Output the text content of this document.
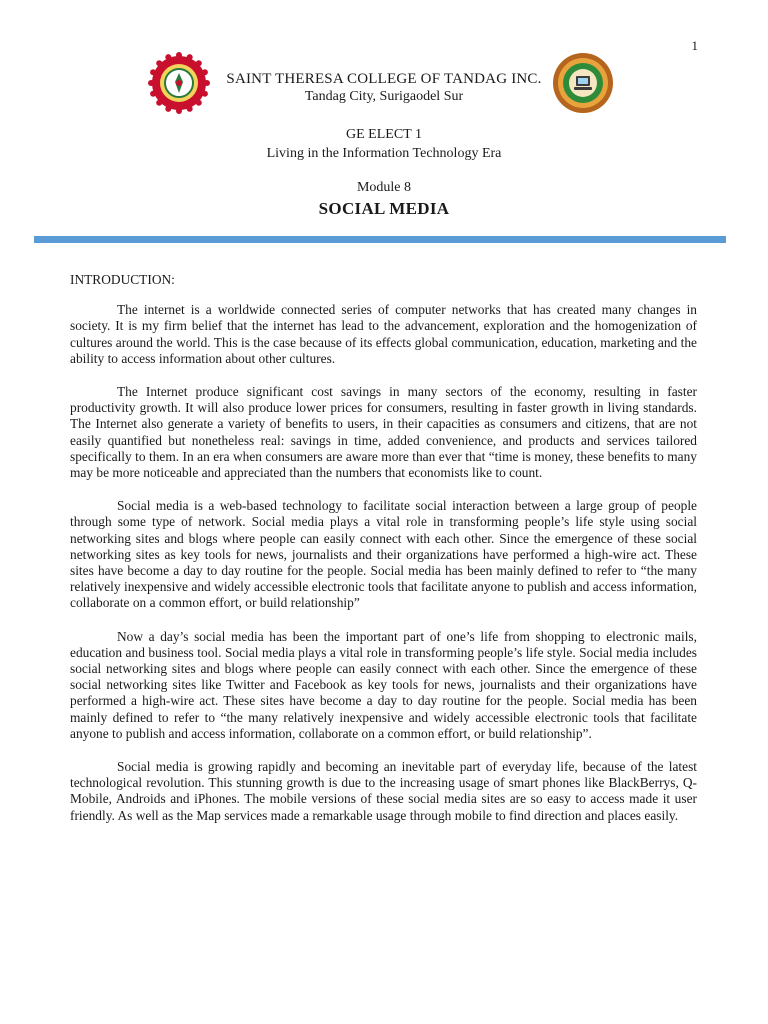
1
SAINT THERESA COLLEGE OF TANDAG INC.
Tandag City, Surigaodel Sur
GE ELECT 1
Living in the Information Technology Era
Module 8
SOCIAL MEDIA
INTRODUCTION:

The internet is a worldwide connected series of computer networks that has created many changes in society. It is my firm belief that the internet has lead to the advancement, exploration and the homogenization of cultures around the world. This is the case because of its effects global communication, education, marketing and the ability to access information about other cultures.

The Internet produce significant cost savings in many sectors of the economy, resulting in faster productivity growth. It will also produce lower prices for consumers, resulting in faster growth in living standards. The Internet also generate a variety of benefits to users, in their capacities as consumers and citizens, that are not easily quantified but nonetheless real: savings in time, added convenience, and products and services tailored specifically to them. In an era when consumers are aware more than ever that “time is money, these benefits to many may be more noticeable and appreciated than the numbers that economists like to count.

Social media is a web-based technology to facilitate social interaction between a large group of people through some type of network. Social media plays a vital role in transforming people’s life style using social networking sites and blogs where people can easily connect with each other. Since the emergence of these social networking sites as key tools for news, journalists and their organizations have performed a high-wire act. These sites have become a day to day routine for the people. Social media has been mainly defined to refer to “the many relatively inexpensive and widely accessible electronic tools that facilitate anyone to publish and access information, collaborate on a common effort, or build relationship”

Now a day’s social media has been the important part of one’s life from shopping to electronic mails, education and business tool. Social media plays a vital role in transforming people’s life style. Social media includes social networking sites and blogs where people can easily connect with each other. Since the emergence of these social networking sites like Twitter and Facebook as key tools for news, journalists and their organizations have performed a high-wire act. These sites have become a day to day routine for the people. Social media has been mainly defined to refer to “the many relatively inexpensive and widely accessible electronic tools that facilitate anyone to publish and access information, collaborate on a common effort, or build relationship”.

Social media is growing rapidly and becoming an inevitable part of everyday life, because of the latest technological revolution. This stunning growth is due to the increasing usage of smart phones like BlackBerrys, Q-Mobile, Androids and iPhones. The mobile versions of these social media sites are so easy to access made it user friendly. As well as the Map services made a remarkable usage through mobile to find direction and places easily.
